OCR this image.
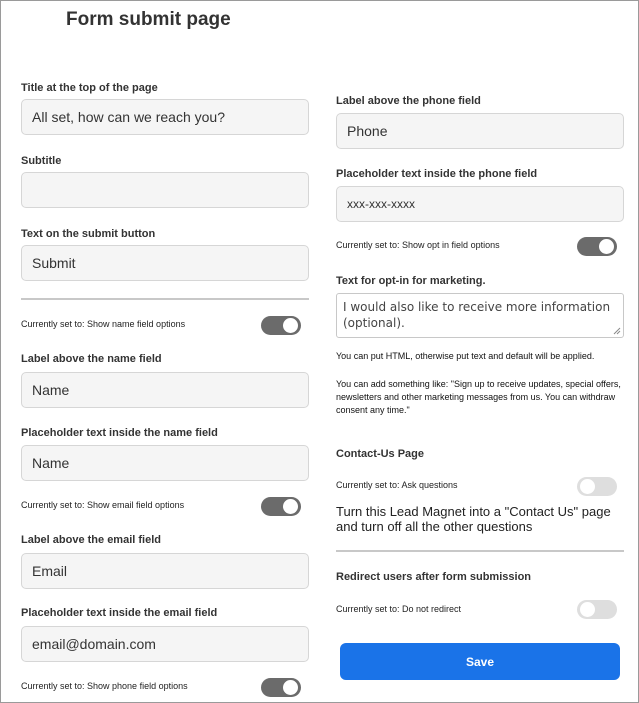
Form submit page
Title at the top of the page
All set, how can we reach you?
Subtitle
Text on the submit button
Submit
Currently set to: Show name field options
Label above the name field
Name
Placeholder text inside the name field
Name
Currently set to: Show email field options
Label above the email field
Email
Placeholder text inside the email field
email@domain.com
Currently set to: Show phone field options
Label above the phone field
Phone
Placeholder text inside the phone field
xxx-xxx-xxxx
Currently set to: Show opt in field options
Text for opt-in for marketing.
I would also like to receive more information (optional).
You can put HTML, otherwise put text and default will be applied.
You can add something like: "Sign up to receive updates, special offers, newsletters and other marketing messages from us. You can withdraw consent any time."
Contact-Us Page
Currently set to: Ask questions
Turn this Lead Magnet into a "Contact Us" page and turn off all the other questions
Redirect users after form submission
Currently set to: Do not redirect
Save
